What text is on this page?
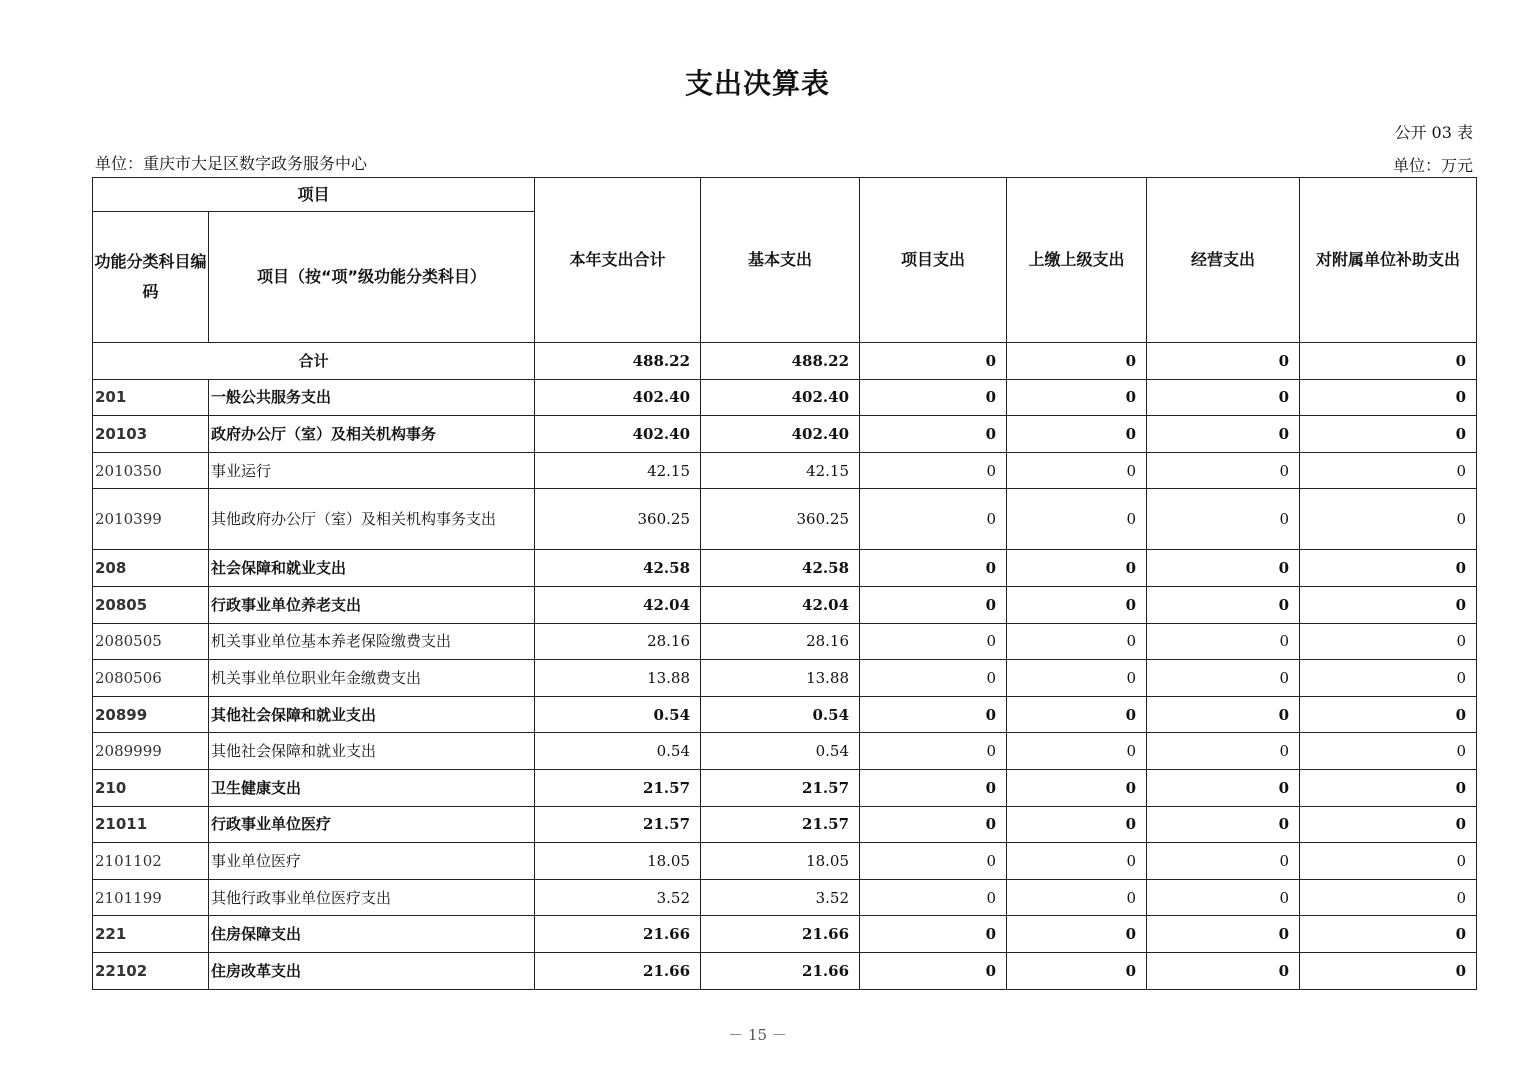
支出决算表
公开 03 表
单位：重庆市大足区数字政务服务中心	单位：万元
项目		本年支出合计	基本支出	项目支出	上缴上级支出	经营支出	对附属单位补助支出
功能分类科目编码	项目（按“项”级功能分类科目）						
合计		488.22	488.22	0	0	0	0
201	一般公共服务支出	402.40	402.40	0	0	0	0
20103	政府办公厅（室）及相关机构事务	402.40	402.40	0	0	0	0
2010350	事业运行	42.15	42.15	0	0	0	0
2010399	其他政府办公厅（室）及相关机构事务支出	360.25	360.25	0	0	0	0
208	社会保障和就业支出	42.58	42.58	0	0	0	0
20805	行政事业单位养老支出	42.04	42.04	0	0	0	0
2080505	机关事业单位基本养老保险缴费支出	28.16	28.16	0	0	0	0
2080506	机关事业单位职业年金缴费支出	13.88	13.88	0	0	0	0
20899	其他社会保障和就业支出	0.54	0.54	0	0	0	0
2089999	其他社会保障和就业支出	0.54	0.54	0	0	0	0
210	卫生健康支出	21.57	21.57	0	0	0	0
21011	行政事业单位医疗	21.57	21.57	0	0	0	0
2101102	事业单位医疗	18.05	18.05	0	0	0	0
2101199	其他行政事业单位医疗支出	3.52	3.52	0	0	0	0
221	住房保障支出	21.66	21.66	0	0	0	0
22102	住房改革支出	21.66	21.66	0	0	0	0
－ 15 －
